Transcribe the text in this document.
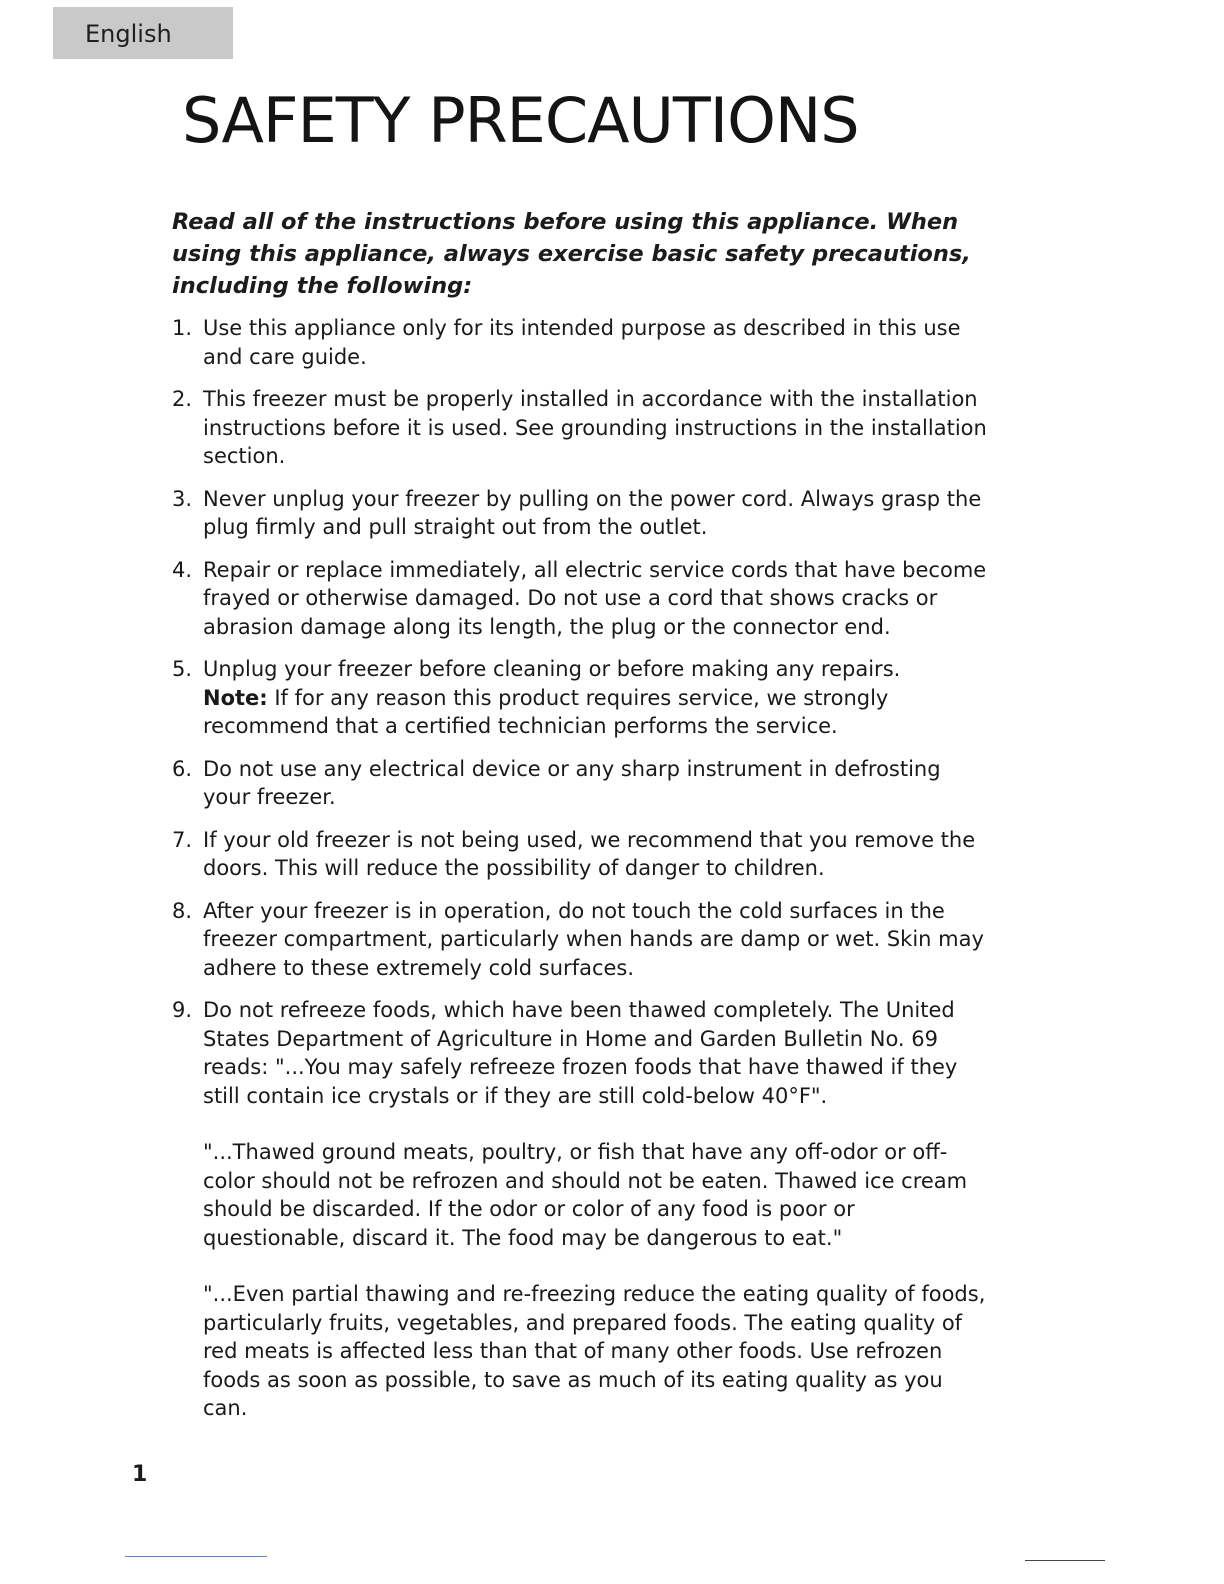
English
SAFETY PRECAUTIONS

Read all of the instructions before using this appliance. When using this appliance, always exercise basic safety precautions, including the following:

1. Use this appliance only for its intended purpose as described in this use and care guide.
2. This freezer must be properly installed in accordance with the installation instructions before it is used. See grounding instructions in the installation section.
3. Never unplug your freezer by pulling on the power cord. Always grasp the plug firmly and pull straight out from the outlet.
4. Repair or replace immediately, all electric service cords that have become frayed or otherwise damaged. Do not use a cord that shows cracks or abrasion damage along its length, the plug or the connector end.
5. Unplug your freezer before cleaning or before making any repairs.
Note: If for any reason this product requires service, we strongly recommend that a certified technician performs the service.
6. Do not use any electrical device or any sharp instrument in defrosting your freezer.
7. If your old freezer is not being used, we recommend that you remove the doors. This will reduce the possibility of danger to children.
8. After your freezer is in operation, do not touch the cold surfaces in the freezer compartment, particularly when hands are damp or wet. Skin may adhere to these extremely cold surfaces.
9. Do not refreeze foods, which have been thawed completely. The United States Department of Agriculture in Home and Garden Bulletin No. 69 reads: "...You may safely refreeze frozen foods that have thawed if they still contain ice crystals or if they are still cold-below 40°F".

"...Thawed ground meats, poultry, or fish that have any off-odor or off-color should not be refrozen and should not be eaten. Thawed ice cream should be discarded. If the odor or color of any food is poor or questionable, discard it. The food may be dangerous to eat."

"...Even partial thawing and re-freezing reduce the eating quality of foods, particularly fruits, vegetables, and prepared foods. The eating quality of red meats is affected less than that of many other foods. Use refrozen foods as soon as possible, to save as much of its eating quality as you can.

1
